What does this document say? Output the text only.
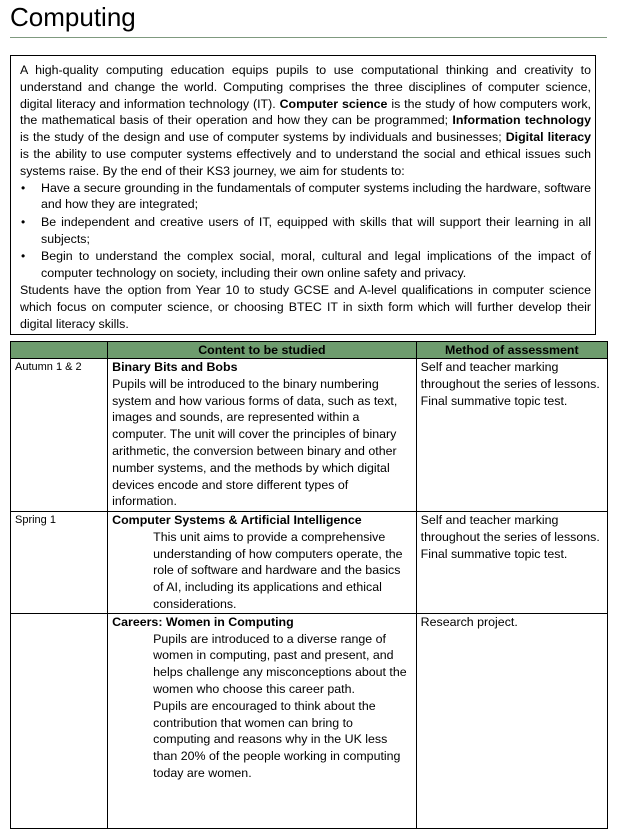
Computing

A high-quality computing education equips pupils to use computational thinking and creativity to understand and change the world. Computing comprises the three disciplines of computer science, digital literacy and information technology (IT). Computer science is the study of how computers work, the mathematical basis of their operation and how they can be programmed; Information technology is the study of the design and use of computer systems by individuals and businesses; Digital literacy is the ability to use computer systems effectively and to understand the social and ethical issues such systems raise. By the end of their KS3 journey, we aim for students to:

• Have a secure grounding in the fundamentals of computer systems including the hardware, software and how they are integrated;
• Be independent and creative users of IT, equipped with skills that will support their learning in all subjects;
• Begin to understand the complex social, moral, cultural and legal implications of the impact of computer technology on society, including their own online safety and privacy.

Students have the option from Year 10 to study GCSE and A-level qualifications in computer science which focus on computer science, or choosing BTEC IT in sixth form which will further develop their digital literacy skills.

	Content to be studied	Method of assessment
Autumn 1 & 2	Binary Bits and Bobs
Pupils will be introduced to the binary numbering system and how various forms of data, such as text, images and sounds, are represented within a computer. The unit will cover the principles of binary arithmetic, the conversion between binary and other number systems, and the methods by which digital devices encode and store different types of information.	Self and teacher marking throughout the series of lessons.
Final summative topic test.

Spring 1	Computer Systems & Artificial Intelligence
This unit aims to provide a comprehensive understanding of how computers operate, the role of software and hardware and the basics of AI, including its applications and ethical considerations.	Self and teacher marking throughout the series of lessons.
Final summative topic test.

	Careers: Women in Computing
Pupils are introduced to a diverse range of women in computing, past and present, and helps challenge any misconceptions about the women who choose this career path.
Pupils are encouraged to think about the contribution that women can bring to computing and reasons why in the UK less than 20% of the people working in computing today are women.	Research project.
